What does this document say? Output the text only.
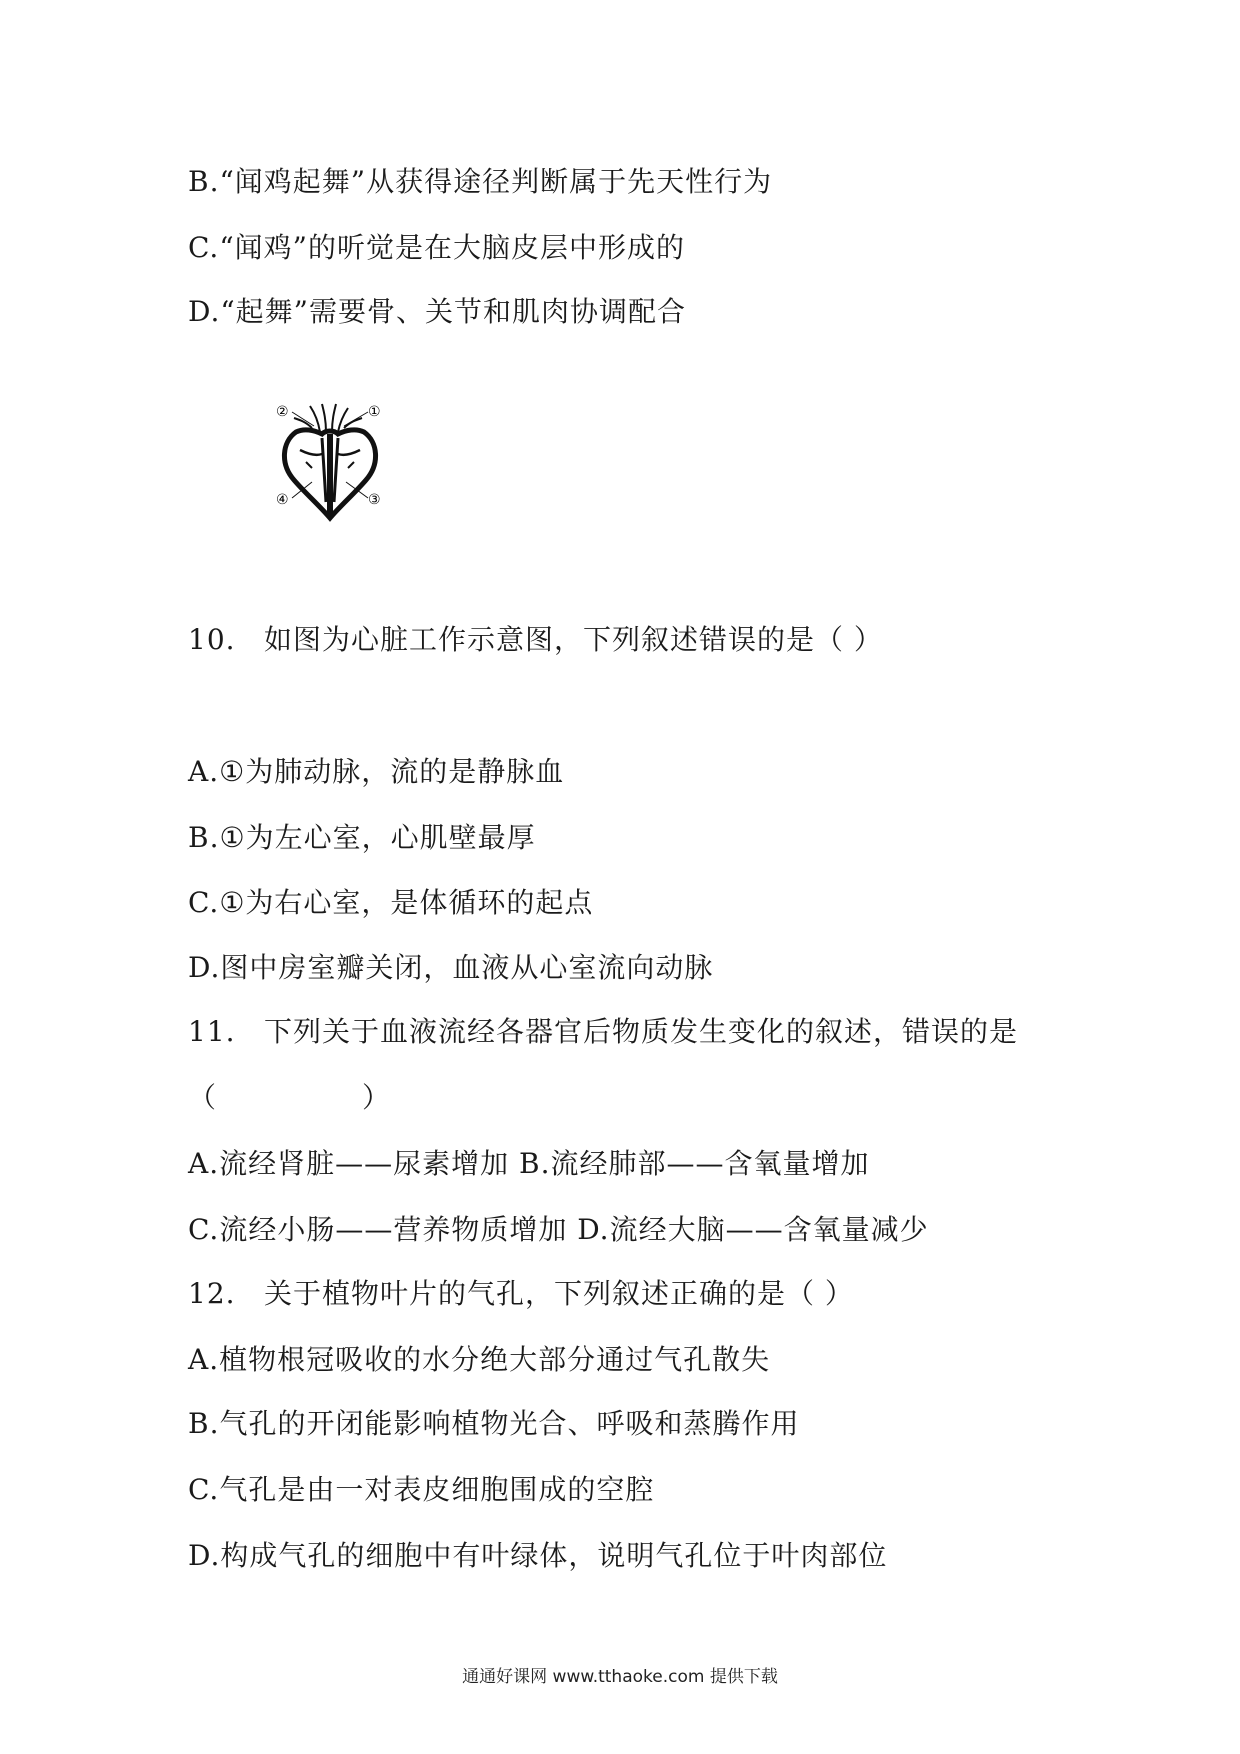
B.“闻鸡起舞”从获得途径判断属于先天性行为
C.“闻鸡”的听觉是在大脑皮层中形成的
D.“起舞”需要骨、关节和肌肉协调配合
②	①
④	③
10. 如图为心脏工作示意图，下列叙述错误的是（ ）
A.①为肺动脉，流的是静脉血
B.①为左心室，心肌壁最厚
C.①为右心室，是体循环的起点
D.图中房室瓣关闭，血液从心室流向动脉
11. 下列关于血液流经各器官后物质发生变化的叙述，错误的是
（　　　　　）
A.流经肾脏——尿素增加 B.流经肺部——含氧量增加
C.流经小肠——营养物质增加 D.流经大脑——含氧量减少
12. 关于植物叶片的气孔，下列叙述正确的是（ ）
A.植物根冠吸收的水分绝大部分通过气孔散失
B.气孔的开闭能影响植物光合、呼吸和蒸腾作用
C.气孔是由一对表皮细胞围成的空腔
D.构成气孔的细胞中有叶绿体，说明气孔位于叶肉部位
通通好课网 www.tthaoke.com 提供下载
